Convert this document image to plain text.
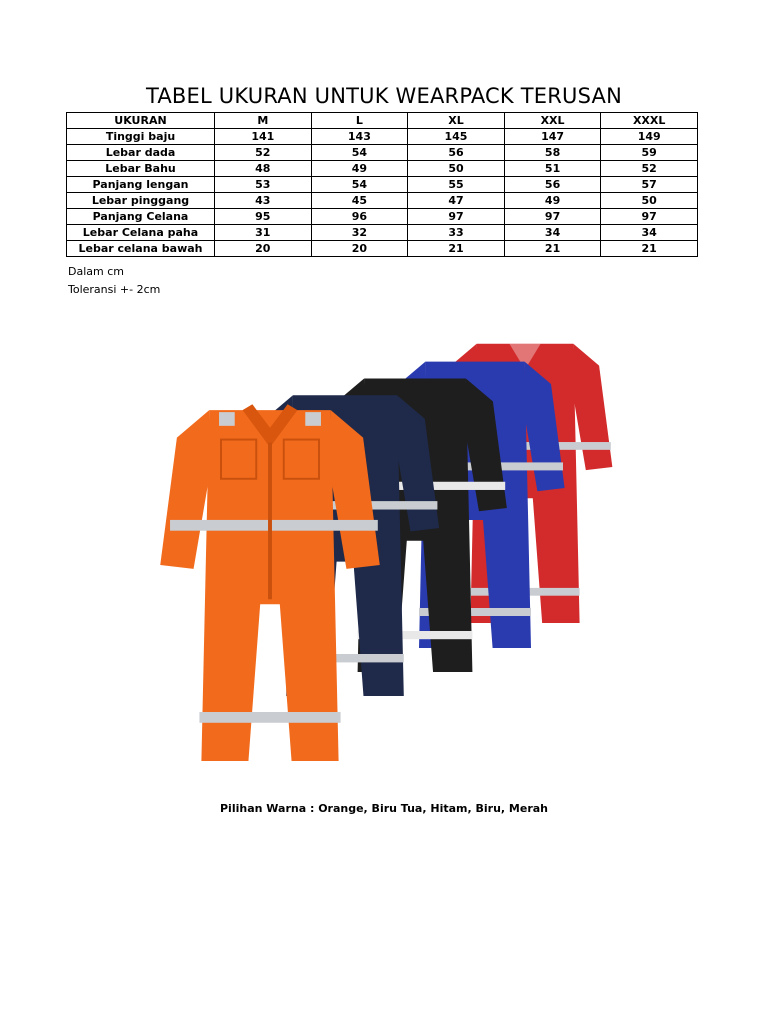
TABEL UKURAN UNTUK WEARPACK TERUSAN
UKURAN	M	L	XL	XXL	XXXL
Tinggi baju	141	143	145	147	149
Lebar dada	52	54	56	58	59
Lebar Bahu	48	49	50	51	52
Panjang lengan	53	54	55	56	57
Lebar pinggang	43	45	47	49	50
Panjang Celana	95	96	97	97	97
Lebar Celana paha	31	32	33	34	34
Lebar celana bawah	20	20	21	21	21
Dalam cm
Toleransi +- 2cm
Pilihan Warna : Orange, Biru Tua, Hitam, Biru, Merah
